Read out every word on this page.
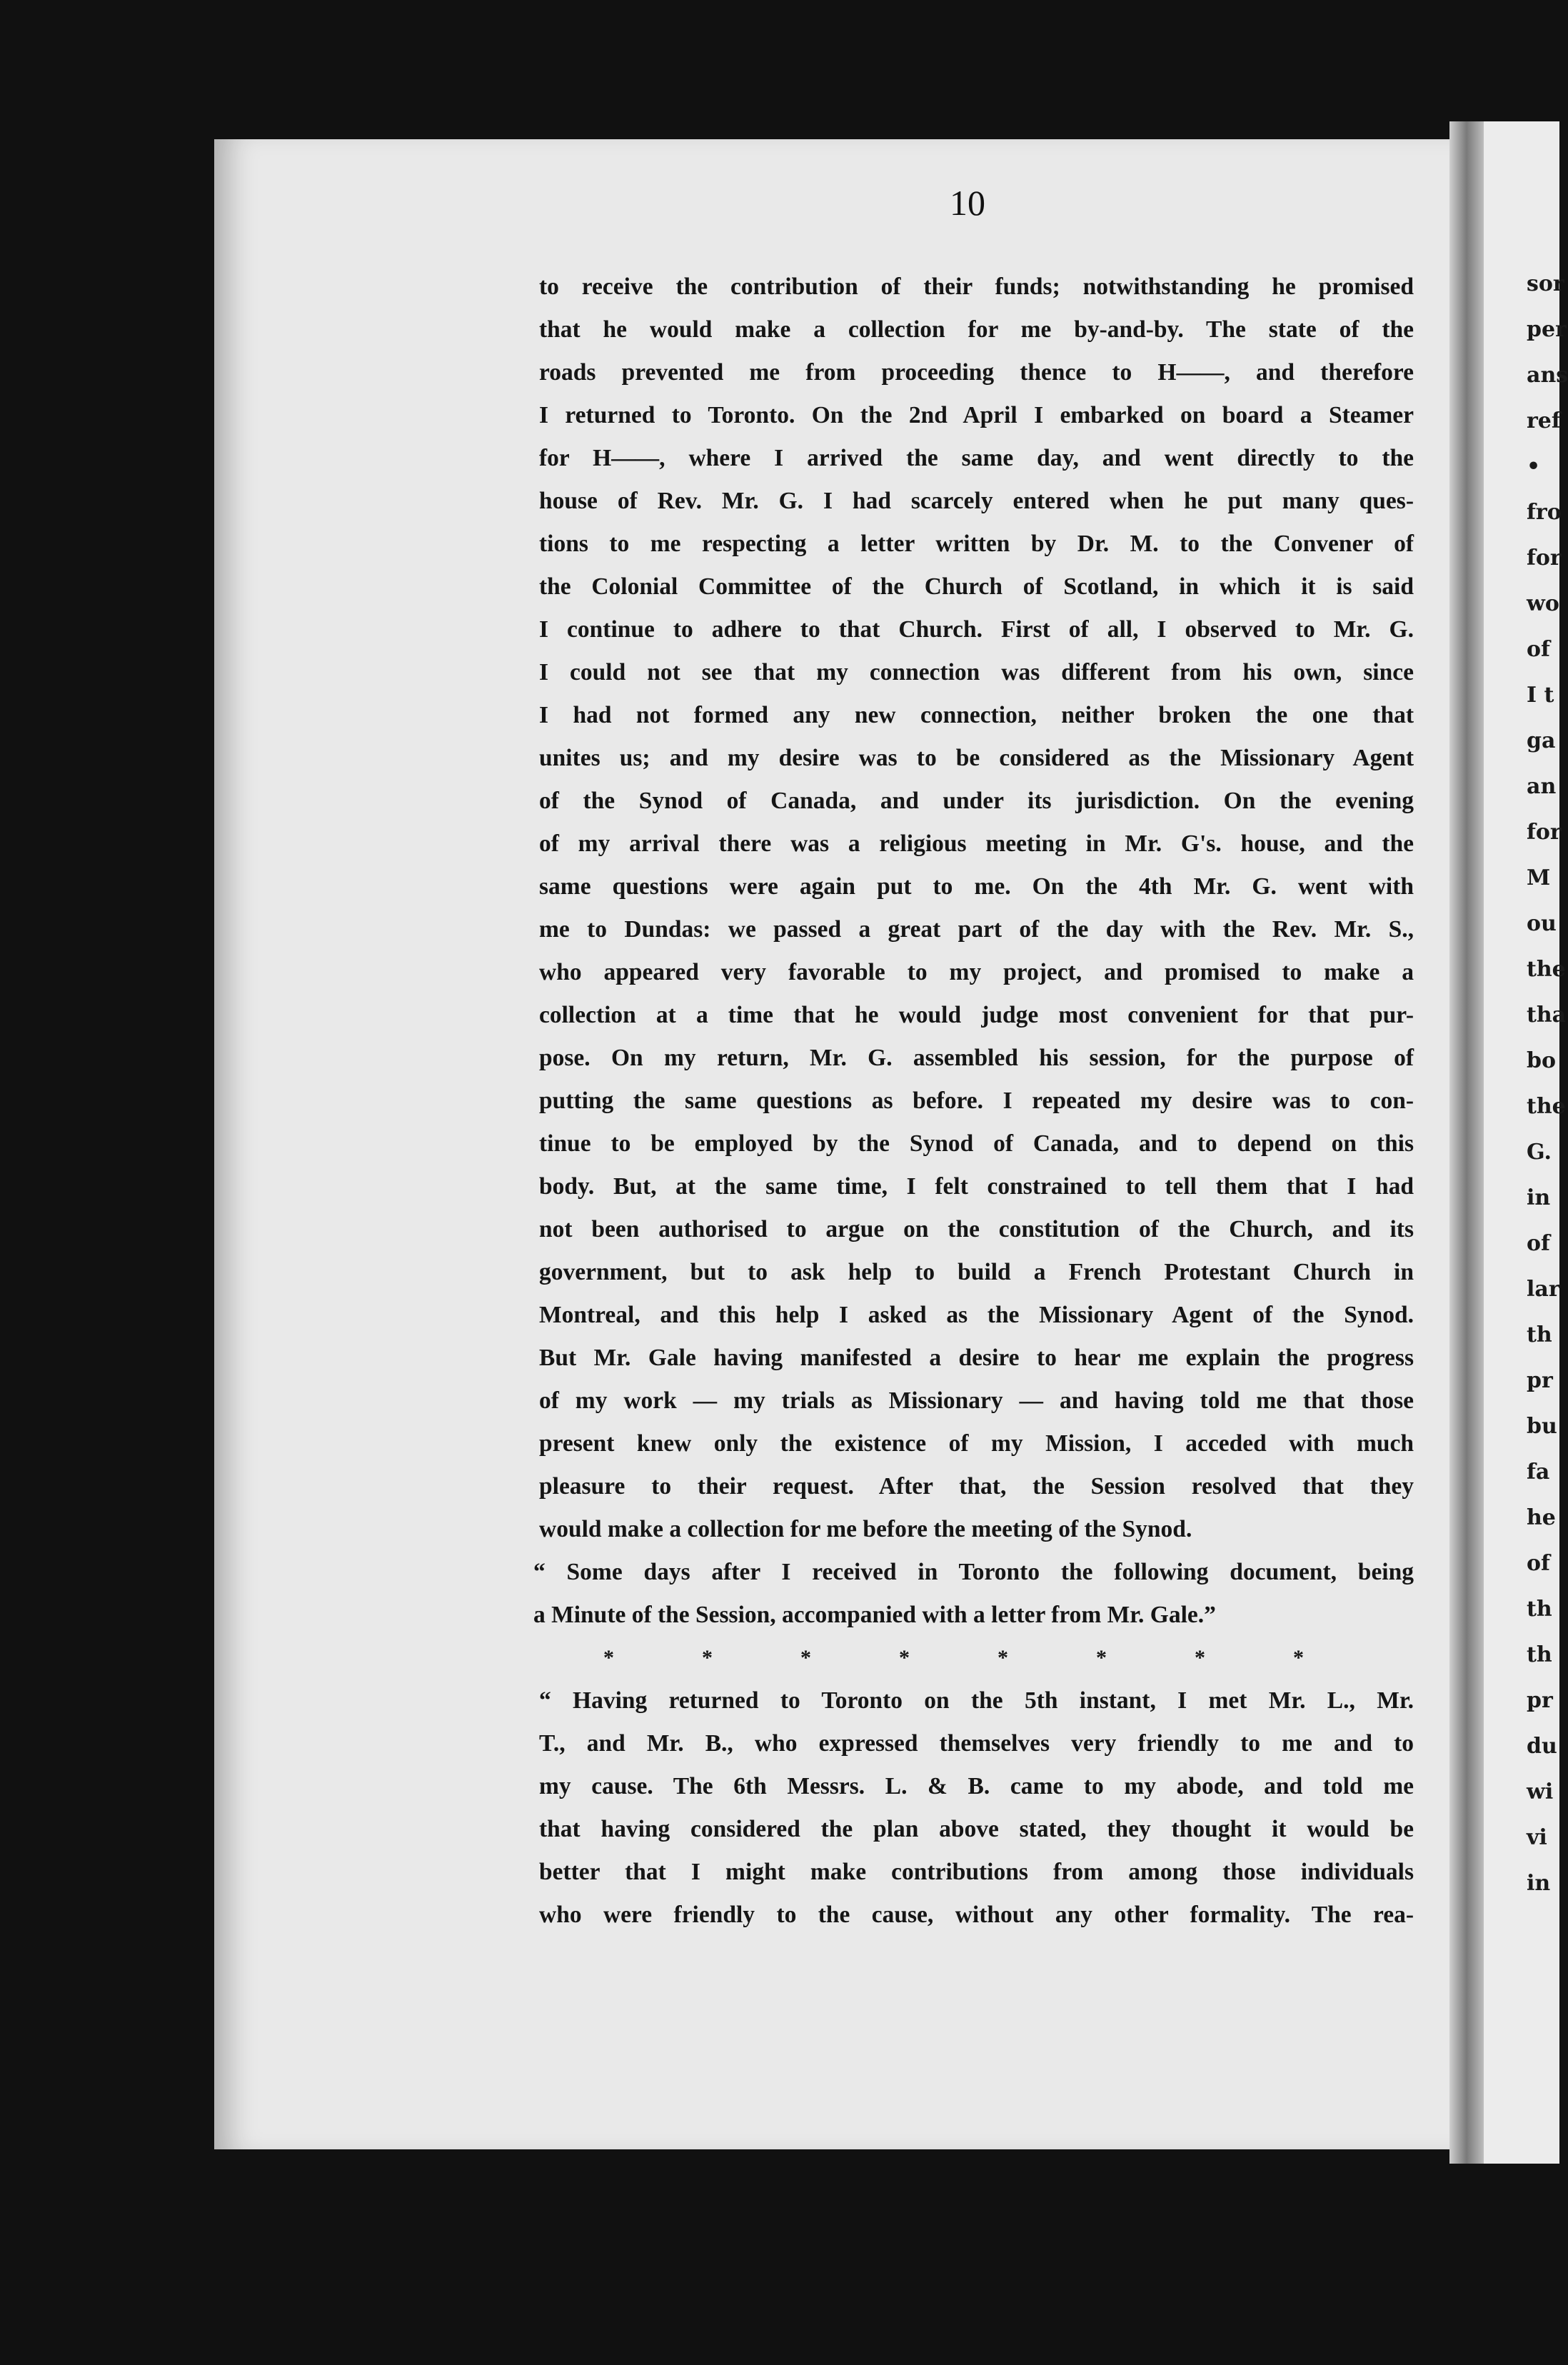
sor
per
ans
ref
•
fro
for
wo
of
I t
ga
an
for
M
ou
the
tha
bo
the
G.
in
of
lar
th
pr
bu
fa
he
of
th
th
pr
du
wi
vi
in
10
to receive the contribution of their funds; notwithstanding he promised
that he would make a collection for me by-and-by. The state of the
roads prevented me from proceeding thence to H——, and therefore
I returned to Toronto. On the 2nd April I embarked on board a Steamer
for H——, where I arrived the same day, and went directly to the
house of Rev. Mr. G. I had scarcely entered when he put many ques-
tions to me respecting a letter written by Dr. M. to the Convener of
the Colonial Committee of the Church of Scotland, in which it is said
I continue to adhere to that Church. First of all, I observed to Mr. G.
I could not see that my connection was different from his own, since
I had not formed any new connection, neither broken the one that
unites us; and my desire was to be considered as the Missionary Agent
of the Synod of Canada, and under its jurisdiction. On the evening
of my arrival there was a religious meeting in Mr. G's. house, and the
same questions were again put to me. On the 4th Mr. G. went with
me to Dundas: we passed a great part of the day with the Rev. Mr. S.,
who appeared very favorable to my project, and promised to make a
collection at a time that he would judge most convenient for that pur-
pose. On my return, Mr. G. assembled his session, for the purpose of
putting the same questions as before. I repeated my desire was to con-
tinue to be employed by the Synod of Canada, and to depend on this
body. But, at the same time, I felt constrained to tell them that I had
not been authorised to argue on the constitution of the Church, and its
government, but to ask help to build a French Protestant Church in
Montreal, and this help I asked as the Missionary Agent of the Synod.
But Mr. Gale having manifested a desire to hear me explain the progress
of my work — my trials as Missionary — and having told me that those
present knew only the existence of my Mission, I acceded with much
pleasure to their request. After that, the Session resolved that they
would make a collection for me before the meeting of the Synod.
“ Some days after I received in Toronto the following document, being
a Minute of the Session, accompanied with a letter from Mr. Gale.”
*	*	*	*	*	*	*	*
“ Having returned to Toronto on the 5th instant, I met Mr. L., Mr.
T., and Mr. B., who expressed themselves very friendly to me and to
my cause. The 6th Messrs. L. & B. came to my abode, and told me
that having considered the plan above stated, they thought it would be
better that I might make contributions from among those individuals
who were friendly to the cause, without any other formality. The rea-
